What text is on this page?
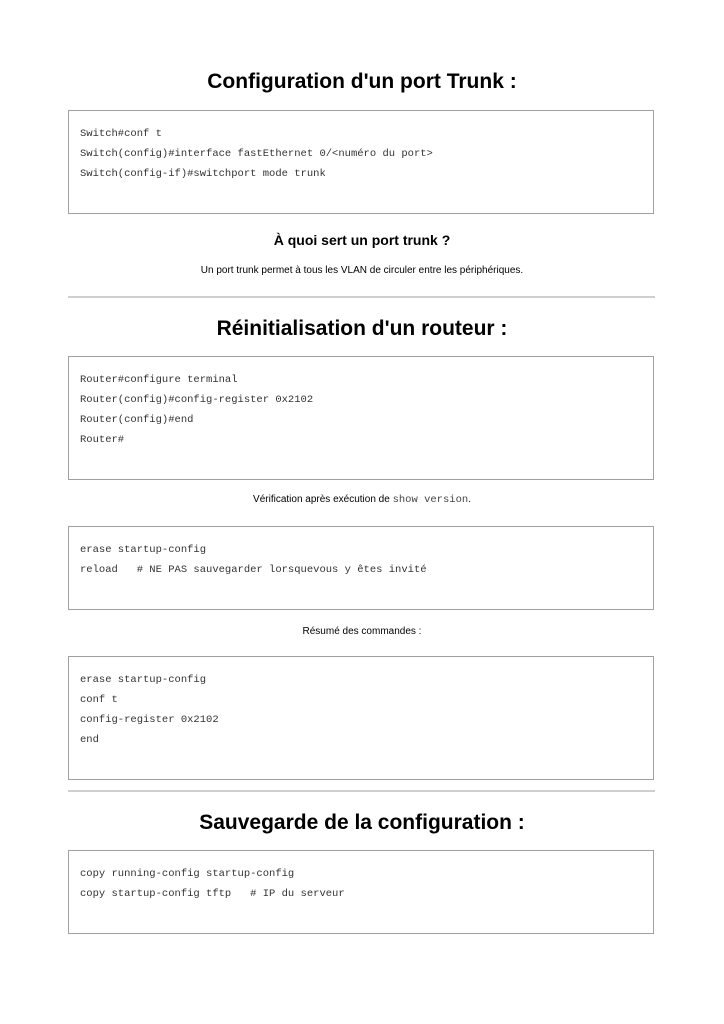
Configuration d'un port Trunk :
Switch#conf t
Switch(config)#interface fastEthernet 0/<numéro du port>
Switch(config-if)#switchport mode trunk
À quoi sert un port trunk ?

Un port trunk permet à tous les VLAN de circuler entre les périphériques.

Réinitialisation d'un routeur :
Router#configure terminal
Router(config)#config-register 0x2102
Router(config)#end
Router#

Vérification après exécution de show version.

erase startup-config
reload   # NE PAS sauvegarder lorsquevous y êtes invité

Résumé des commandes :

erase startup-config
conf t
config-register 0x2102
end
Sauvegarde de la configuration :
copy running-config startup-config
copy startup-config tftp   # IP du serveur
